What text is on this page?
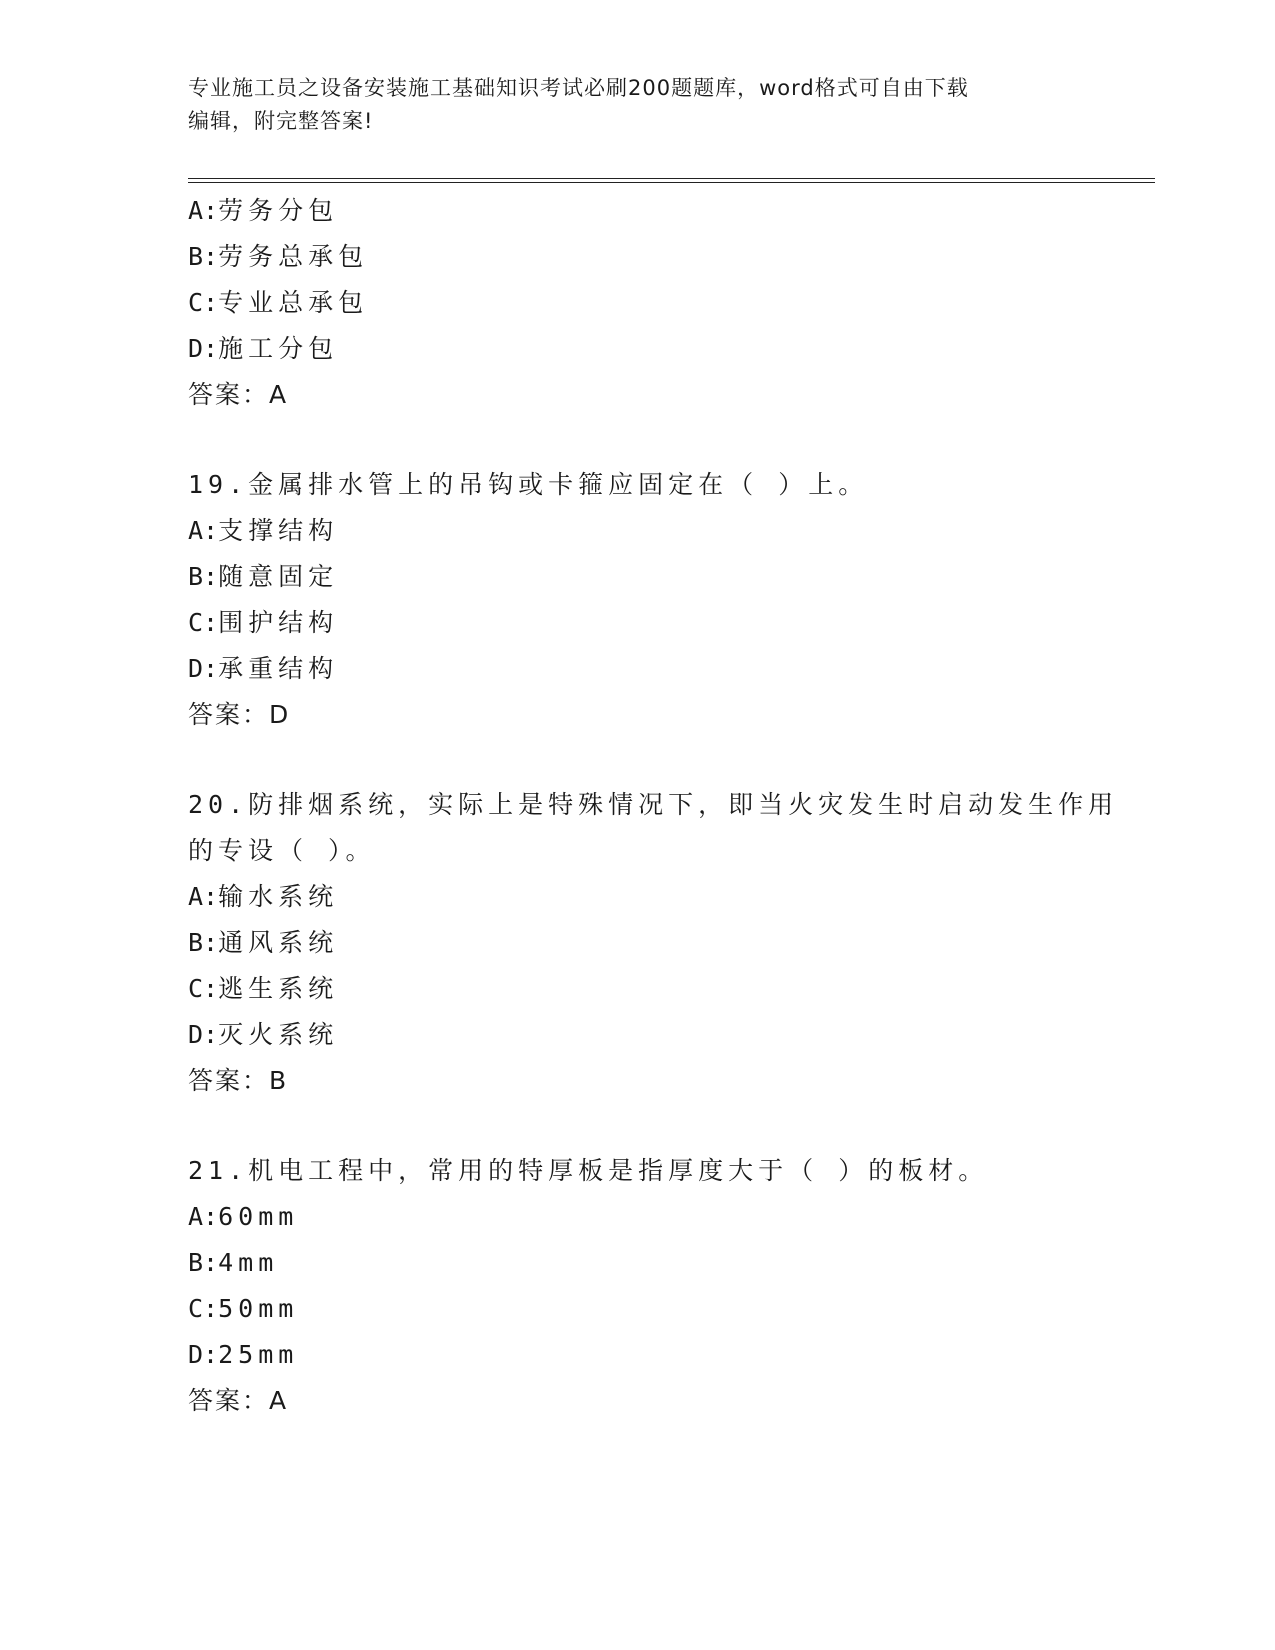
专业施工员之设备安装施工基础知识考试必刷200题题库，word格式可自由下载
编辑，附完整答案!
A:劳务分包
B:劳务总承包
C:专业总承包
D:施工分包
答案：A
19.金属排水管上的吊钩或卡箍应固定在（ ）上。
A:支撑结构
B:随意固定
C:围护结构
D:承重结构
答案：D
20.防排烟系统，实际上是特殊情况下，即当火灾发生时启动发生作用
的专设（ ）。
A:输水系统
B:通风系统
C:逃生系统
D:灭火系统
答案：B
21.机电工程中，常用的特厚板是指厚度大于（ ）的板材。
A:60mm
B:4mm
C:50mm
D:25mm
答案：A
